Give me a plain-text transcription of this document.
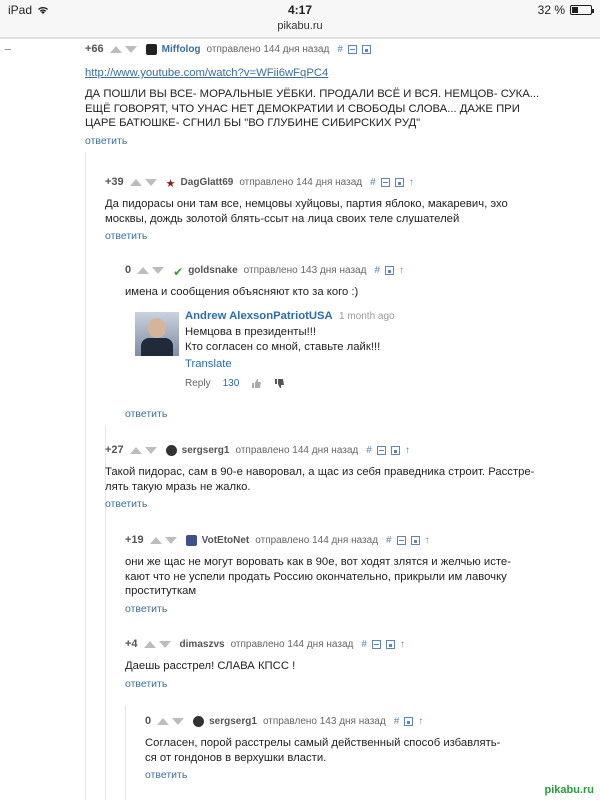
iPad	4:17	32 %
pikabu.ru
−	+66	Miffolog отправлено 144 дня назад #
http://www.youtube.com/watch?v=WFii6wFqPC4
ДА ПОШЛИ ВЫ ВСЕ- МОРАЛЬНЫЕ УЁБКИ. ПРОДАЛИ ВСЁ И ВСЯ. НЕМЦОВ- СУКА...
ЕЩЁ ГОВОРЯТ, ЧТО УНАС НЕТ ДЕМОКРАТИИ И СВОБОДЫ СЛОВА... ДАЖЕ ПРИ
ЦАРЕ БАТЮШКЕ- СГНИЛ БЫ "ВО ГЛУБИНЕ СИБИРСКИХ РУД"
ответить
+39	★ DagGlatt69 отправлено 144 дня назад #	↑
Да пидорасы они там все, немцовы хуйцовы, партия яблоко, макаревич, эхо
москвы, дождь золотой блять-ссыт на лица своих теле слушателей
ответить
0	✔ goldsnake отправлено 143 дня назад # ↑
имена и сообщения объясняют кто за кого :)
Andrew AlexsonPatriotUSA 1 month ago
Немцова в президенты!!!
Кто согласен со мной, ставьте лайк!!!
Translate
Reply 130
ответить
+27	sergserg1 отправлено 144 дня назад #	↑
Такой пидорас, сам в 90-е наворовал, а щас из себя праведника строит. Расстре-
лять такую мразь не жалко.
ответить
+19	VotEtoNet отправлено 144 дня назад #	↑
они же щас не могут воровать как в 90е, вот ходят злятся и желчью исте-
кают что не успели продать Россию окончательно, прикрыли им лавочку
проституткам
ответить
+4	dimaszvs отправлено 144 дня назад #	↑
Даешь расстрел! СЛАВА КПСС !
ответить
0	sergserg1 отправлено 143 дня назад # ↑
Согласен, порой расстрелы самый действенный способ избавлять-
ся от гондонов в верхушки власти.
ответить
pikabu.ru
